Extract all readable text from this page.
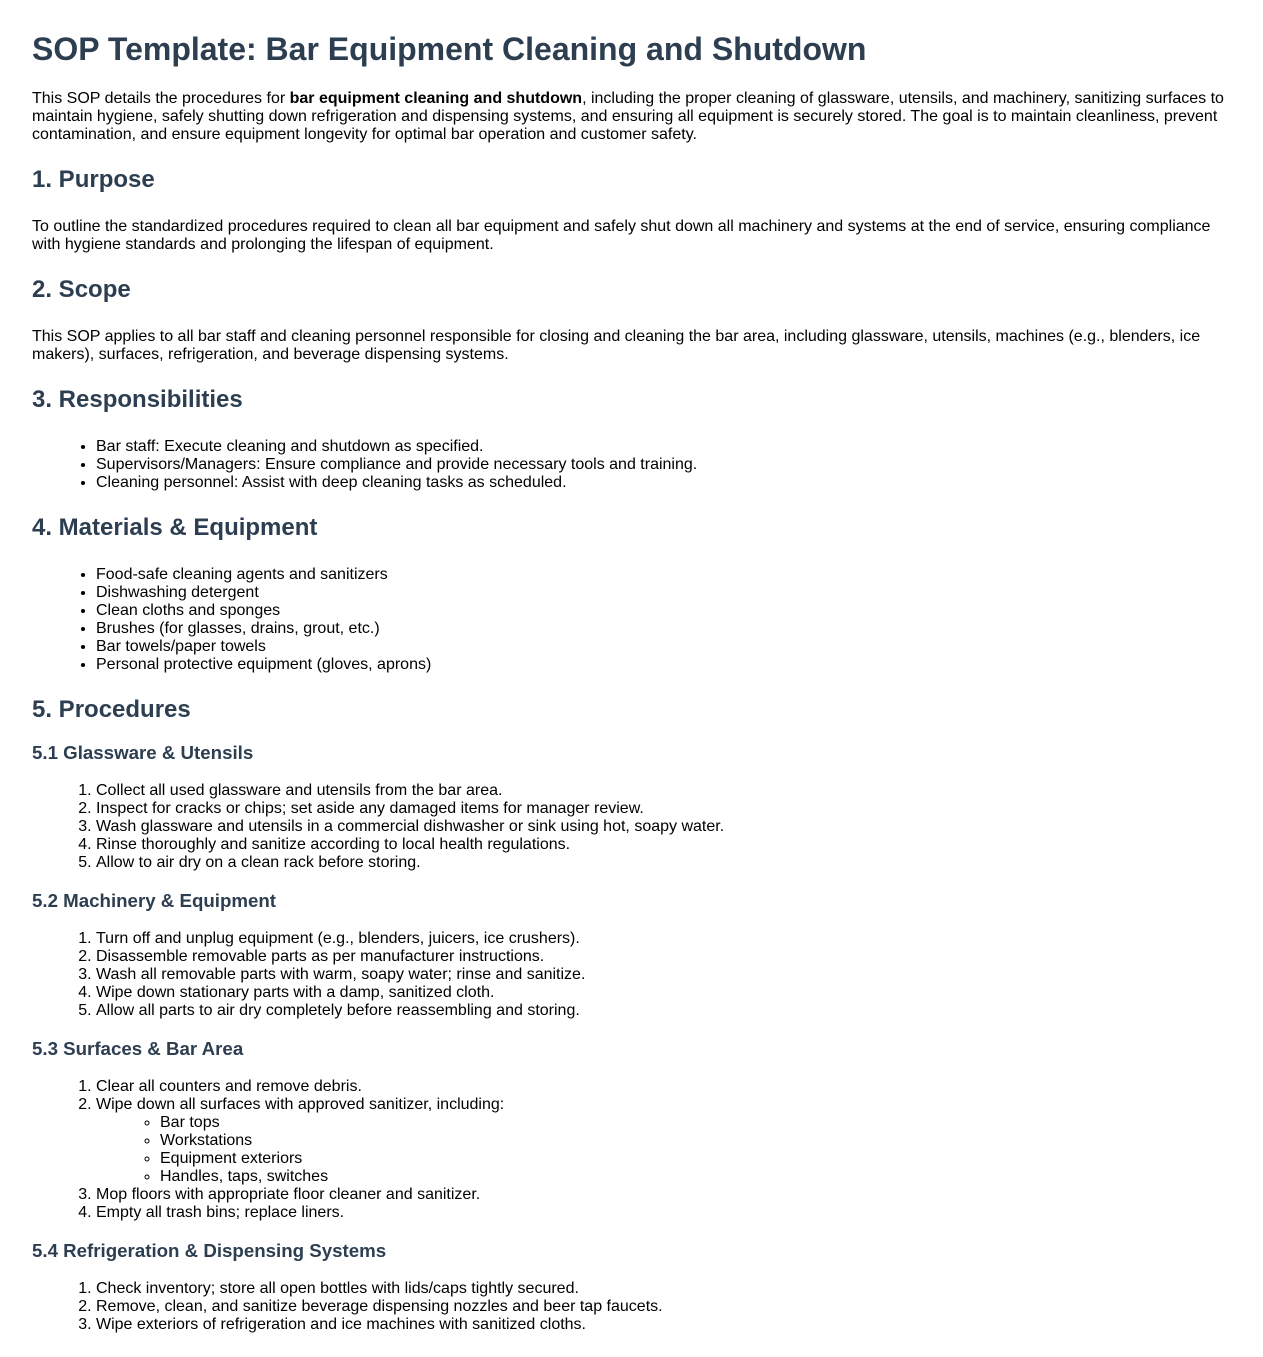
SOP Template: Bar Equipment Cleaning and Shutdown

This SOP details the procedures for bar equipment cleaning and shutdown, including the proper cleaning of glassware, utensils, and machinery, sanitizing surfaces to maintain hygiene, safely shutting down refrigeration and dispensing systems, and ensuring all equipment is securely stored. The goal is to maintain cleanliness, prevent contamination, and ensure equipment longevity for optimal bar operation and customer safety.

1. Purpose

To outline the standardized procedures required to clean all bar equipment and safely shut down all machinery and systems at the end of service, ensuring compliance with hygiene standards and prolonging the lifespan of equipment.

2. Scope

This SOP applies to all bar staff and cleaning personnel responsible for closing and cleaning the bar area, including glassware, utensils, machines (e.g., blenders, ice makers), surfaces, refrigeration, and beverage dispensing systems.

3. Responsibilities
• Bar staff: Execute cleaning and shutdown as specified.
• Supervisors/Managers: Ensure compliance and provide necessary tools and training.
• Cleaning personnel: Assist with deep cleaning tasks as scheduled.
4. Materials & Equipment
• Food-safe cleaning agents and sanitizers
• Dishwashing detergent
• Clean cloths and sponges
• Brushes (for glasses, drains, grout, etc.)
• Bar towels/paper towels
• Personal protective equipment (gloves, aprons)
5. Procedures
5.1 Glassware & Utensils
1. Collect all used glassware and utensils from the bar area.
2. Inspect for cracks or chips; set aside any damaged items for manager review.
3. Wash glassware and utensils in a commercial dishwasher or sink using hot, soapy water.
4. Rinse thoroughly and sanitize according to local health regulations.
5. Allow to air dry on a clean rack before storing.
5.2 Machinery & Equipment
1. Turn off and unplug equipment (e.g., blenders, juicers, ice crushers).
2. Disassemble removable parts as per manufacturer instructions.
3. Wash all removable parts with warm, soapy water; rinse and sanitize.
4. Wipe down stationary parts with a damp, sanitized cloth.
5. Allow all parts to air dry completely before reassembling and storing.
5.3 Surfaces & Bar Area
1. Clear all counters and remove debris.
2. Wipe down all surfaces with approved sanitizer, including:
◦ Bar tops
◦ Workstations
◦ Equipment exteriors
◦ Handles, taps, switches
3. Mop floors with appropriate floor cleaner and sanitizer.
4. Empty all trash bins; replace liners.
5.4 Refrigeration & Dispensing Systems
1. Check inventory; store all open bottles with lids/caps tightly secured.
2. Remove, clean, and sanitize beverage dispensing nozzles and beer tap faucets.
3. Wipe exteriors of refrigeration and ice machines with sanitized cloths.
